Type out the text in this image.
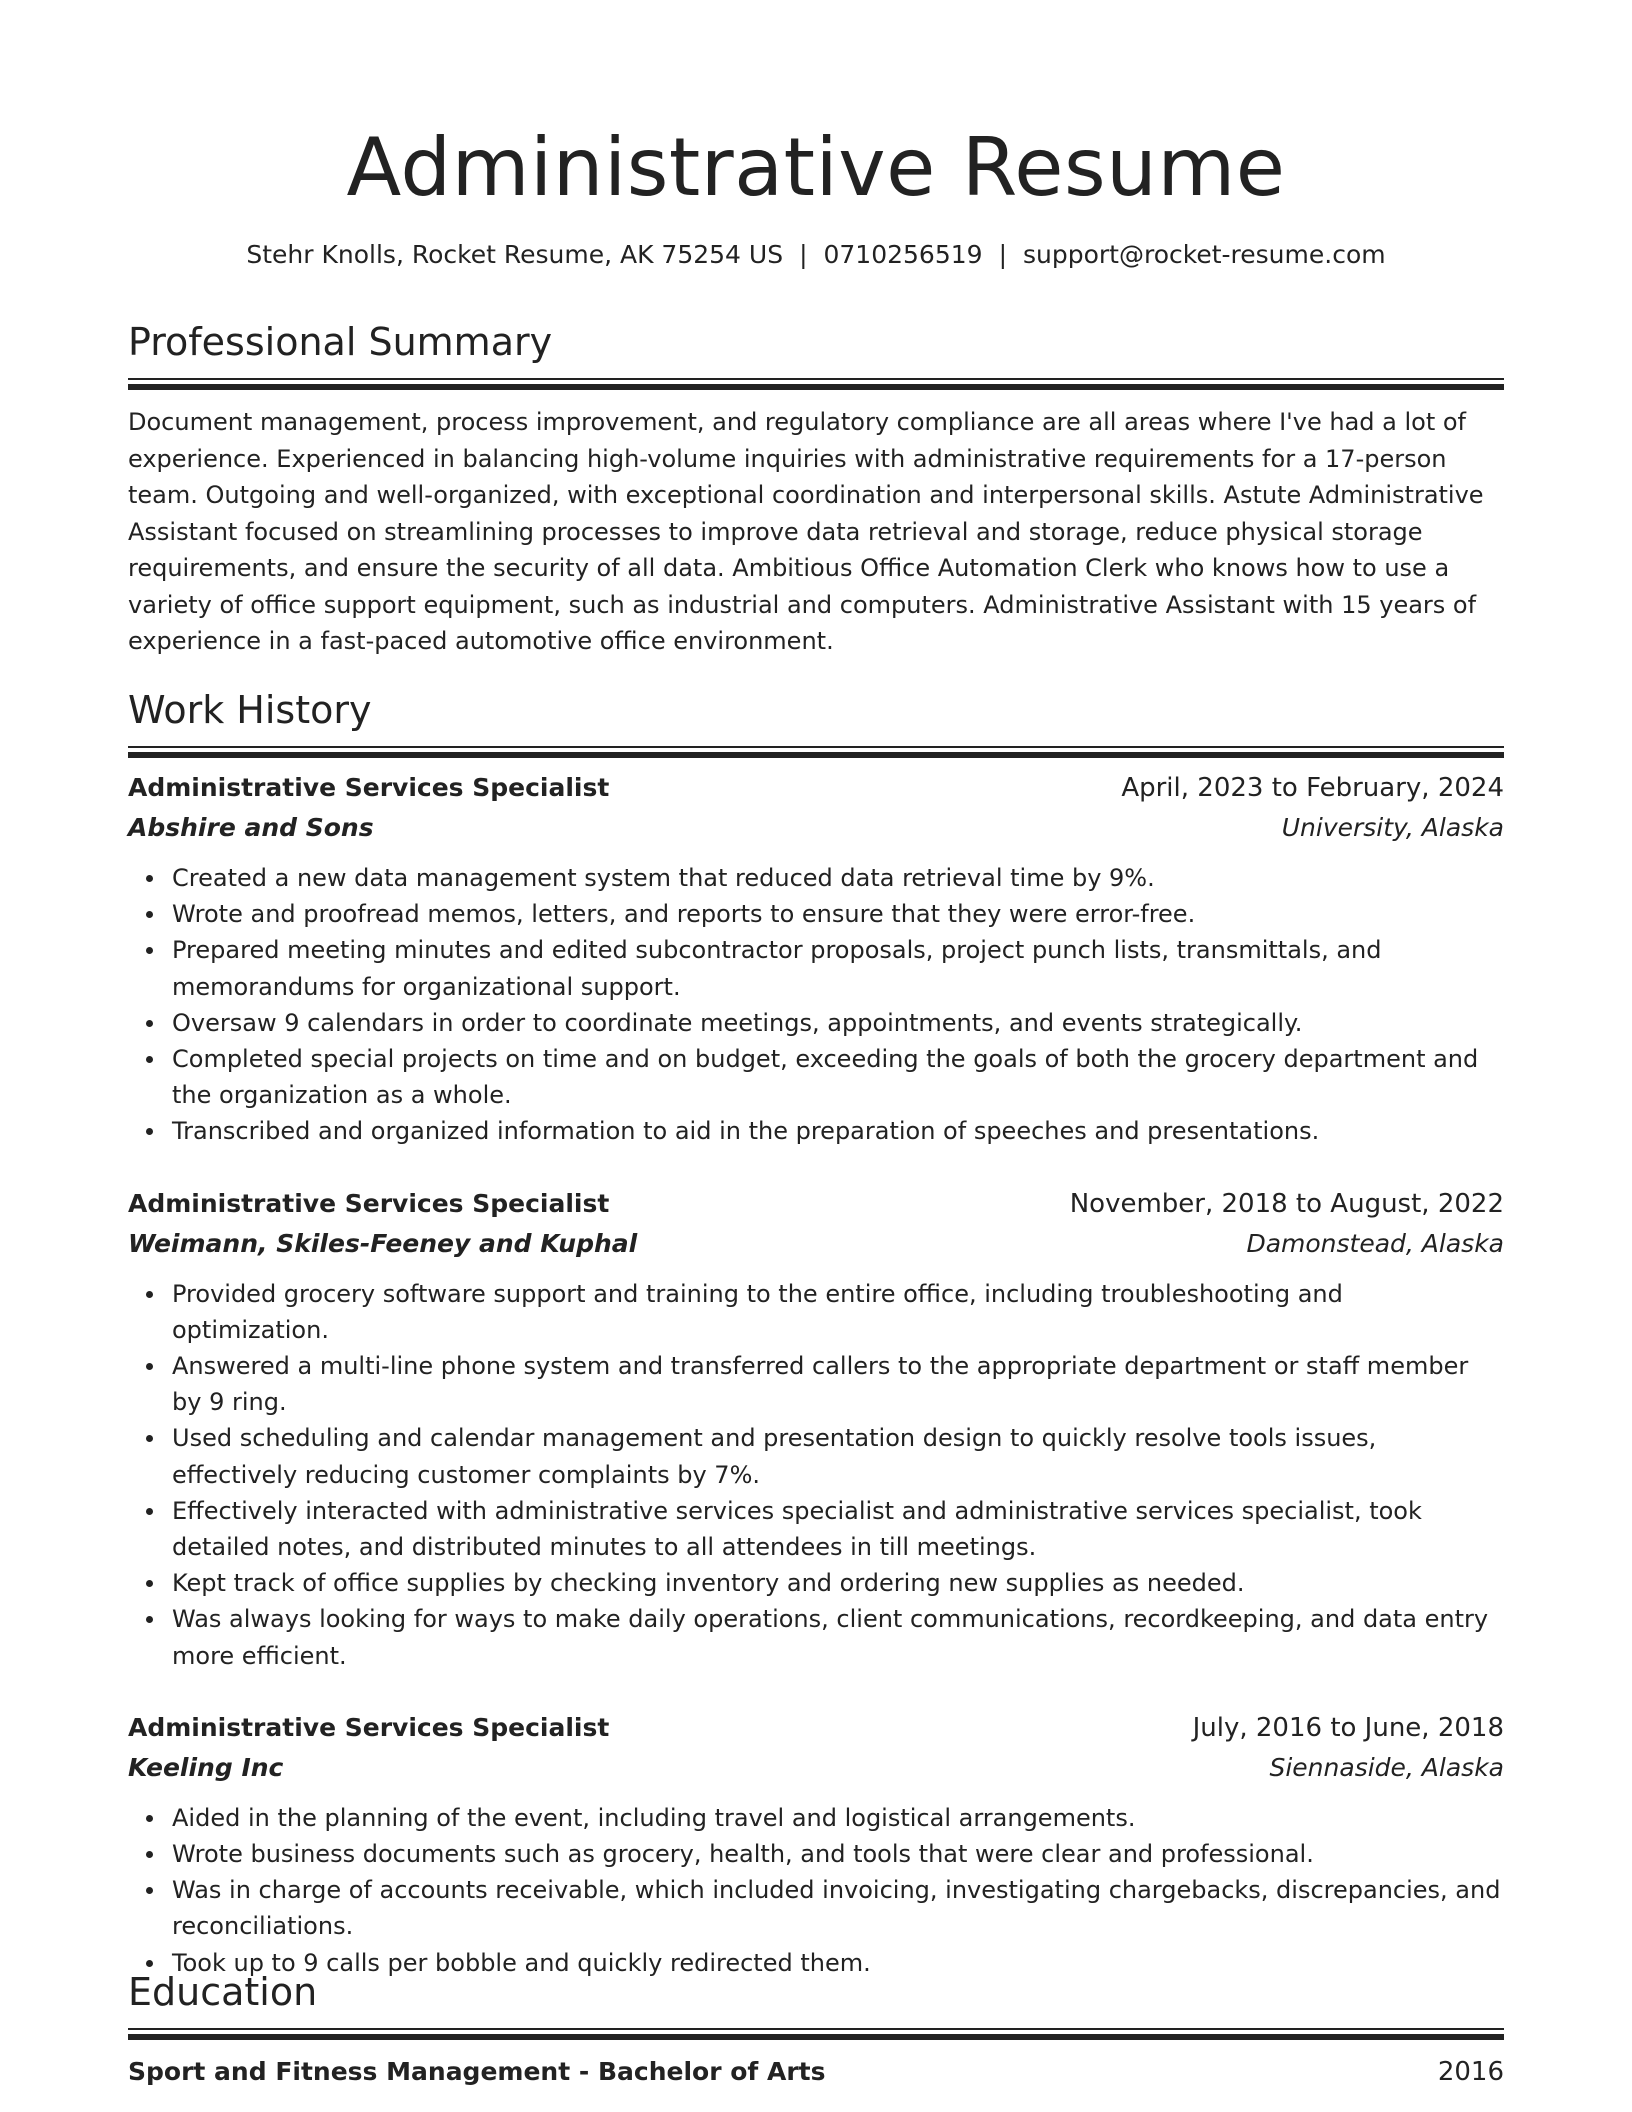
Administrative Resume
Stehr Knolls, Rocket Resume, AK 75254 US | 0710256519 | support@rocket-resume.com
Professional Summary
Document management, process improvement, and regulatory compliance are all areas where I've had a lot of experience. Experienced in balancing high-volume inquiries with administrative requirements for a 17-person team. Outgoing and well-organized, with exceptional coordination and interpersonal skills. Astute Administrative Assistant focused on streamlining processes to improve data retrieval and storage, reduce physical storage requirements, and ensure the security of all data. Ambitious Office Automation Clerk who knows how to use a variety of office support equipment, such as industrial and computers. Administrative Assistant with 15 years of experience in a fast-paced automotive office environment.
Work History
Administrative Services Specialist	April, 2023 to February, 2024
Abshire and Sons	University, Alaska
Created a new data management system that reduced data retrieval time by 9%.
Wrote and proofread memos, letters, and reports to ensure that they were error-free.
Prepared meeting minutes and edited subcontractor proposals, project punch lists, transmittals, and memorandums for organizational support.
Oversaw 9 calendars in order to coordinate meetings, appointments, and events strategically.
Completed special projects on time and on budget, exceeding the goals of both the grocery department and the organization as a whole.
Transcribed and organized information to aid in the preparation of speeches and presentations.
Administrative Services Specialist	November, 2018 to August, 2022
Weimann, Skiles-Feeney and Kuphal	Damonstead, Alaska
Provided grocery software support and training to the entire office, including troubleshooting and optimization.
Answered a multi-line phone system and transferred callers to the appropriate department or staff member by 9 ring.
Used scheduling and calendar management and presentation design to quickly resolve tools issues, effectively reducing customer complaints by 7%.
Effectively interacted with administrative services specialist and administrative services specialist, took detailed notes, and distributed minutes to all attendees in till meetings.
Kept track of office supplies by checking inventory and ordering new supplies as needed.
Was always looking for ways to make daily operations, client communications, recordkeeping, and data entry more efficient.
Administrative Services Specialist	July, 2016 to June, 2018
Keeling Inc	Siennaside, Alaska
Aided in the planning of the event, including travel and logistical arrangements.
Wrote business documents such as grocery, health, and tools that were clear and professional.
Was in charge of accounts receivable, which included invoicing, investigating chargebacks, discrepancies, and reconciliations.
Took up to 9 calls per bobble and quickly redirected them.
Education
Sport and Fitness Management - Bachelor of Arts	2016
